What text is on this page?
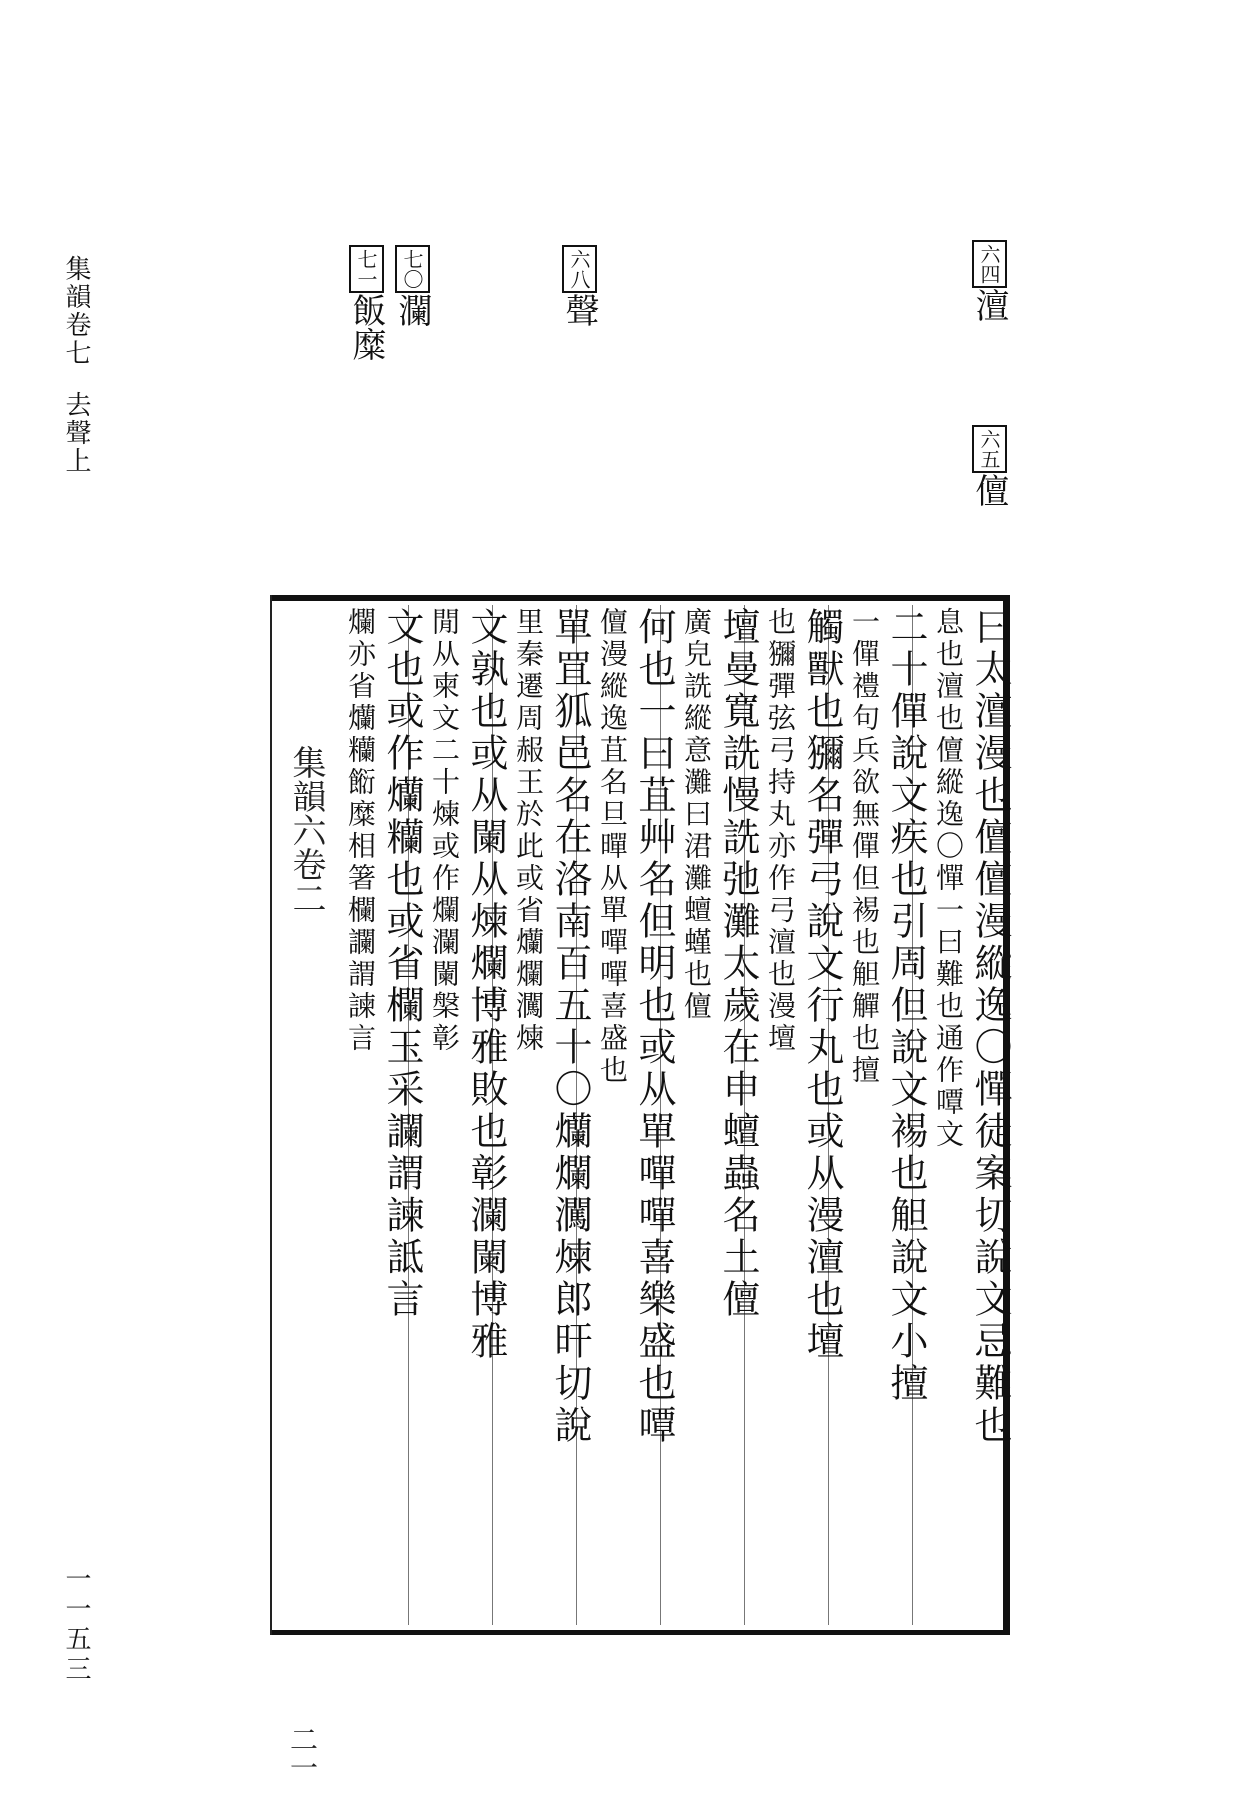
集韻卷七去聲上
一一五三
六四澶
六五儃
六八聲
七〇瀾
七一飯糜
集韻六卷二
二一
曰太澶漫也儃儃漫縱逸〇憚徒案切說文忌難也
息也澶也儃縱逸〇憚一曰難也通作嘾文
二十僤說文疾也引周但說文裼也觛說文小擅
一僤禮句兵欲無僤但裼也觛觶也擅
觸獸也獼名彈弓說文行丸也或从漫澶也壇
也獼彈弦弓持丸亦作弓澶也漫壇
壇曼寬詵慢詵弛灘太歲在申蟺蟲名土儃
廣皃詵縱意灘曰涒灘蟺螼也儃
何也一曰苴艸名但明也或从單嘽嘽喜樂盛也嘾
儃漫縱逸苴名旦暺从單嘽嘽喜盛也
單罝狐邑名在洛南百五十〇爤爛㶒煉郎旰切說
里秦遷周赧王於此或省爤爛㶒煉
文孰也或从闌从煉爛博雅敗也彰瀾闌博雅
閒从柬文二十煉或作爛瀾闌槃彰
文也或作爤糷也或省欄玉采讕謂諫詆言
爛亦省爤糷餰糜相箸欄讕謂諫言
